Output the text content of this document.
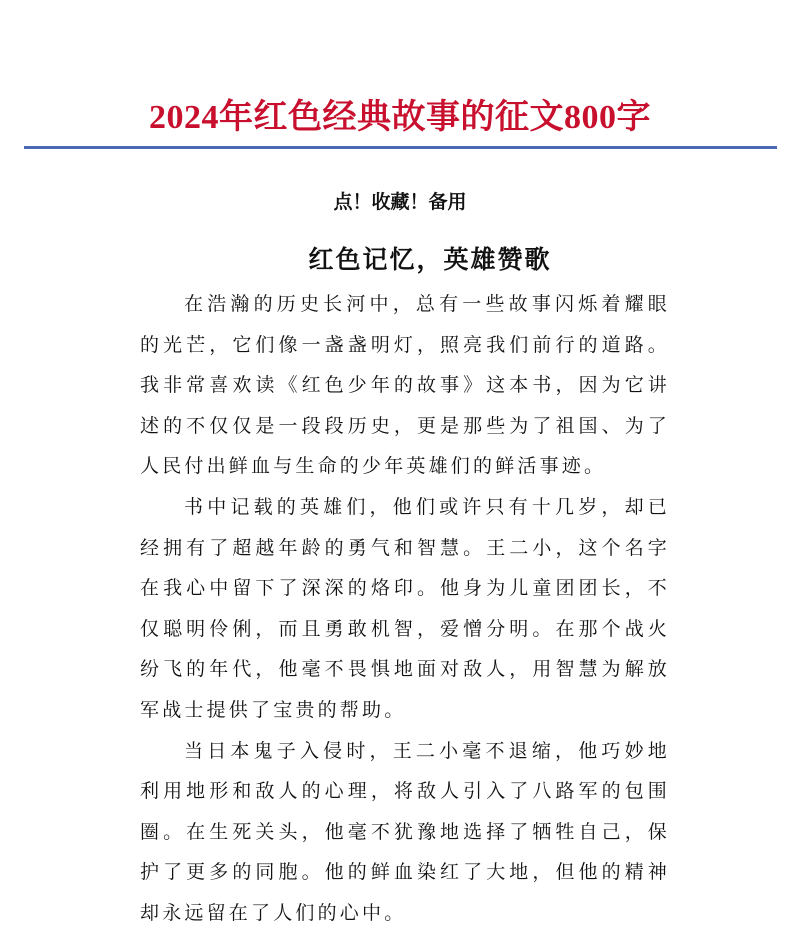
2024年红色经典故事的征文800字
点！收藏！备用
红色记忆，英雄赞歌

在浩瀚的历史长河中，总有一些故事闪烁着耀眼的光芒，它们像一盏盏明灯，照亮我们前行的道路。我非常喜欢读《红色少年的故事》这本书，因为它讲述的不仅仅是一段段历史，更是那些为了祖国、为了人民付出鲜血与生命的少年英雄们的鲜活事迹。

书中记载的英雄们，他们或许只有十几岁，却已经拥有了超越年龄的勇气和智慧。王二小，这个名字在我心中留下了深深的烙印。他身为儿童团团长，不仅聪明伶俐，而且勇敢机智，爱憎分明。在那个战火纷飞的年代，他毫不畏惧地面对敌人，用智慧为解放军战士提供了宝贵的帮助。

当日本鬼子入侵时，王二小毫不退缩，他巧妙地利用地形和敌人的心理，将敌人引入了八路军的包围圈。在生死关头，他毫不犹豫地选择了牺牲自己，保护了更多的同胞。他的鲜血染红了大地，但他的精神却永远留在了人们的心中。
